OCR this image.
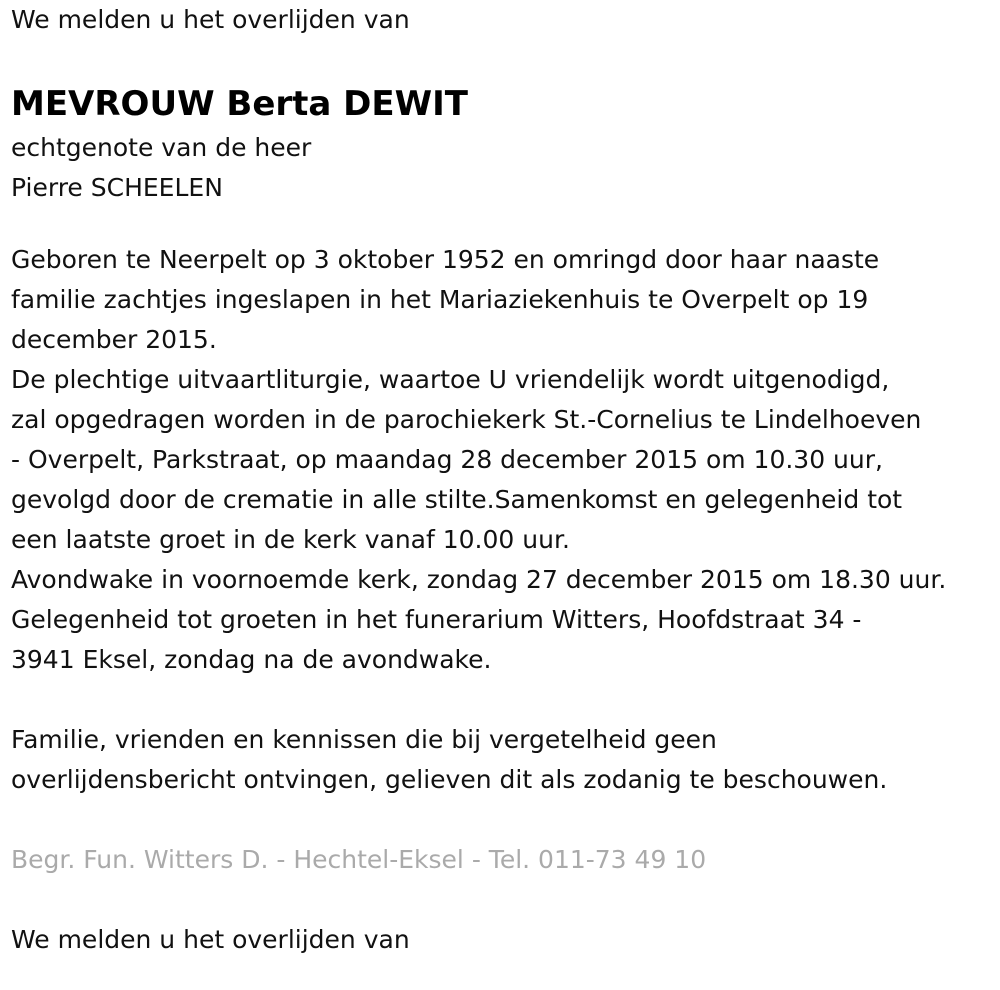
We melden u het overlijden van

MEVROUW Berta DEWIT

echtgenote van de heer

Pierre SCHEELEN

Geboren te Neerpelt op 3 oktober 1952 en omringd door haar naaste

familie zachtjes ingeslapen in het Mariaziekenhuis te Overpelt op 19

december 2015.

De plechtige uitvaartliturgie, waartoe U vriendelijk wordt uitgenodigd,

zal opgedragen worden in de parochiekerk St.-Cornelius te Lindelhoeven

- Overpelt, Parkstraat, op maandag 28 december 2015 om 10.30 uur,

gevolgd door de crematie in alle stilte.Samenkomst en gelegenheid tot

een laatste groet in de kerk vanaf 10.00 uur.

Avondwake in voornoemde kerk, zondag 27 december 2015 om 18.30 uur.

Gelegenheid tot groeten in het funerarium Witters, Hoofdstraat 34 -

3941 Eksel, zondag na de avondwake.

Familie, vrienden en kennissen die bij vergetelheid geen

overlijdensbericht ontvingen, gelieven dit als zodanig te beschouwen.

Begr. Fun. Witters D. - Hechtel-Eksel - Tel. 011-73 49 10

We melden u het overlijden van
